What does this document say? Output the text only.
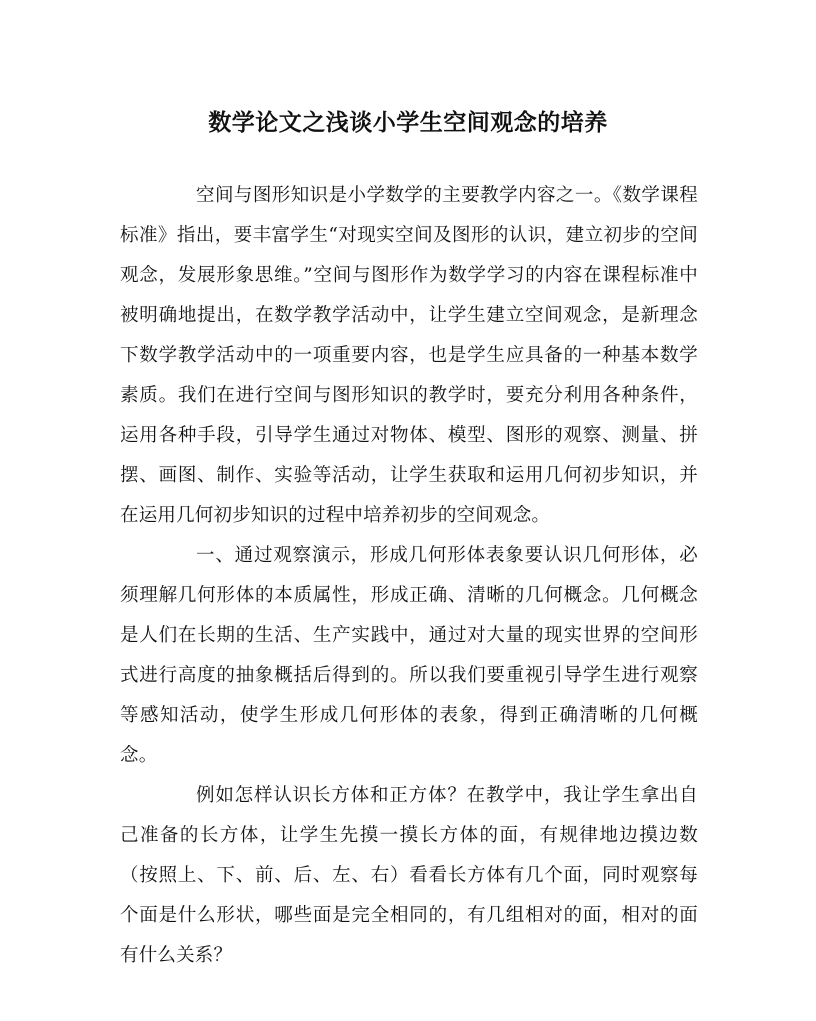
数学论文之浅谈小学生空间观念的培养

空间与图形知识是小学数学的主要教学内容之一。《数学课程标准》指出，要丰富学生“对现实空间及图形的认识，建立初步的空间观念，发展形象思维。”空间与图形作为数学学习的内容在课程标准中被明确地提出，在数学教学活动中，让学生建立空间观念，是新理念下数学教学活动中的一项重要内容，也是学生应具备的一种基本数学素质。我们在进行空间与图形知识的教学时，要充分利用各种条件，运用各种手段，引导学生通过对物体、模型、图形的观察、测量、拼摆、画图、制作、实验等活动，让学生获取和运用几何初步知识，并在运用几何初步知识的过程中培养初步的空间观念。

一、通过观察演示，形成几何形体表象要认识几何形体，必须理解几何形体的本质属性，形成正确、清晰的几何概念。几何概念是人们在长期的生活、生产实践中，通过对大量的现实世界的空间形式进行高度的抽象概括后得到的。所以我们要重视引导学生进行观察等感知活动，使学生形成几何形体的表象，得到正确清晰的几何概念。

例如怎样认识长方体和正方体？在教学中，我让学生拿出自己准备的长方体，让学生先摸一摸长方体的面，有规律地边摸边数（按照上、下、前、后、左、右）看看长方体有几个面，同时观察每个面是什么形状，哪些面是完全相同的，有几组相对的面，相对的面有什么关系？
